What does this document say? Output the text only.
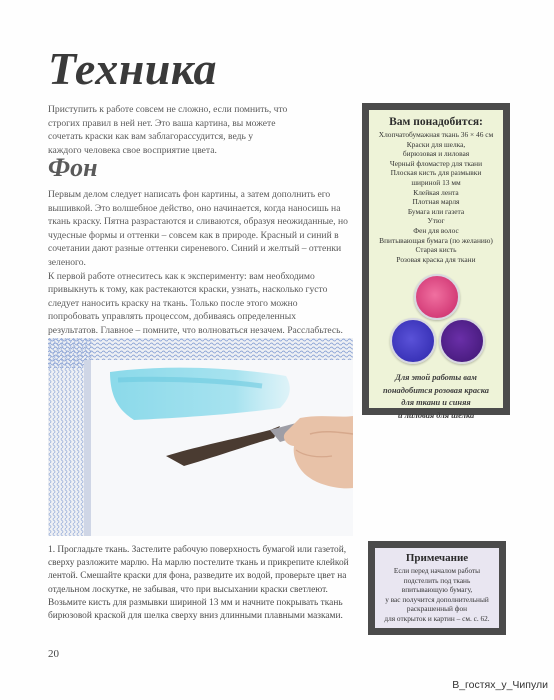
Техника
Приступить к работе совсем не сложно, если помнить, что строгих правил в ней нет. Это ваша картина, вы можете сочетать краски как вам заблагорассудится, ведь у каждого человека свое восприятие цвета.
Фон

Первым делом следует написать фон картины, а затем дополнить его вышивкой. Это волшебное действо, оно начинается, когда наносишь на ткань краску. Пятна разрастаются и сливаются, образуя неожиданные, но чудесные формы и оттенки – совсем как в природе. Красный и синий в сочетании дают разные оттенки сиреневого. Синий и желтый – оттенки зеленого.

К первой работе отнеситесь как к эксперименту: вам необходимо привыкнуть к тому, как растекаются краски, узнать, насколько густо следует наносить краску на ткань. Только после этого можно попробовать управлять процессом, добиваясь определенных результатов. Главное – помните, что волноваться незачем. Расслабьтесь.

Вам понадобится:
Хлопчатобумажная ткань 36 × 46 см
Краски для шелка,
бирюзовая и лиловая
Черный фломастер для ткани
Плоская кисть для размывки
шириной 13 мм
Клейкая лента
Плотная марля
Бумага или газета
Утюг
Фен для волос
Впитывающая бумага (по желанию)
Старая кисть
Розовая краска для ткани
Для этой работы вам
понадобится розовая краска
для ткани и синяя
и лиловая для шелка
1. Прогладьте ткань. Застелите рабочую поверхность бумагой или газетой, сверху разложите марлю. На марлю постелите ткань и прикрепите клейкой лентой. Смешайте краски для фона, разведите их водой, проверьте цвет на отдельном лоскутке, не забывая, что при высыхании краски светлеют. Возьмите кисть для размывки шириной 13 мм и начните покрывать ткань бирюзовой краской для шелка сверху вниз длинными плавными мазками.
Примечание
Если перед началом работы
подстелить под ткань
впитывающую бумагу,
у вас получится дополнительный
раскрашенный фон
для открыток и картин – см. с. 62.
20
В_гостях_у_Чипули
